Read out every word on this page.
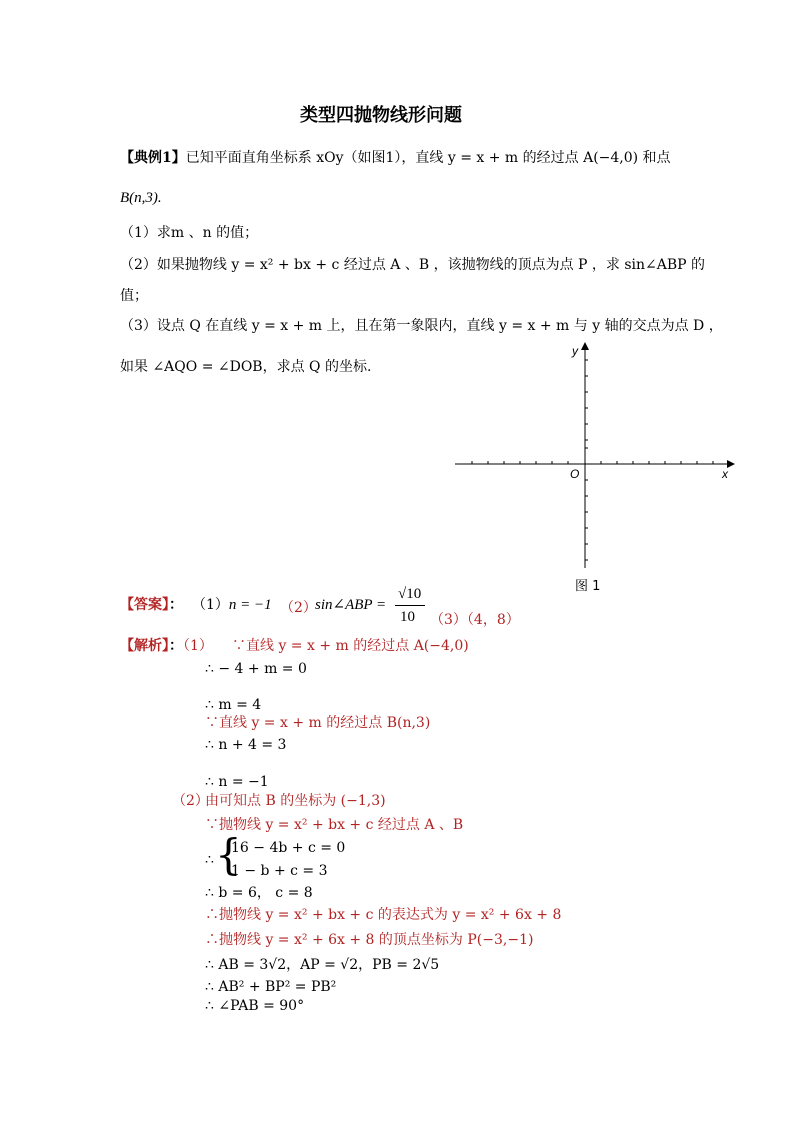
类型四抛物线形问题
【典例1】已知平面直角坐标系 xOy（如图1），直线 y = x + m 的经过点 A(−4,0) 和点
B(n,3).
（1）求m 、n 的值；
（2）如果抛物线 y = x² + bx + c 经过点 A 、B ，该抛物线的顶点为点 P ，求 sin∠ABP 的
值；
（3）设点 Q 在直线 y = x + m 上，且在第一象限内，直线 y = x + m 与 y 轴的交点为点 D ，
如果 ∠AQO = ∠DOB，求点 Q 的坐标.
y
x
O
图 1
【答案】： （1）n = −1 （2）
sin∠ABP =
√10
10 （3）（4，8）
【解析】：（1） ∵直线 y = x + m 的经过点 A(−4,0)
∴ − 4 + m = 0
∴ m = 4
∵直线 y = x + m 的经过点 B(n,3)
∴ n + 4 = 3
∴ n = −1
（2）
由可知点 B 的坐标为 (−1,3)
∵抛物线 y = x² + bx + c 经过点 A 、B
∴ {
16 − 4b + c = 0
1 − b + c = 3
∴ b = 6， c = 8
∴抛物线 y = x² + bx + c 的表达式为 y = x² + 6x + 8
∴抛物线 y = x² + 6x + 8 的顶点坐标为 P(−3,−1)
∴ AB = 3√2，AP = √2，PB = 2√5
∴ AB² + BP² = PB²
∴ ∠PAB = 90°
